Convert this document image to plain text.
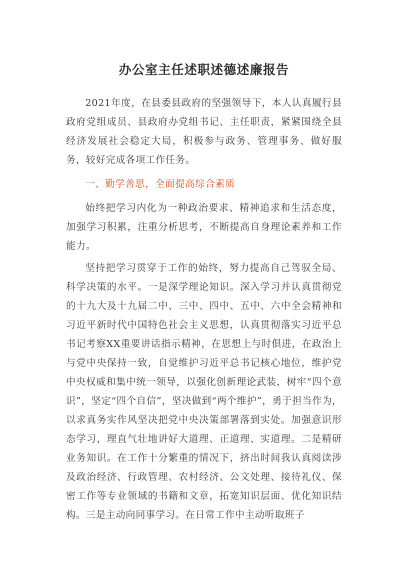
办公室主任述职述德述廉报告

2021年度，在县委县政府的坚强领导下，本人认真履行县政府党组成员、县政府办党组书记、主任职责，紧紧围绕全县经济发展社会稳定大局，积极参与政务、管理事务、做好服务，较好完成各项工作任务。

一、勤学善思，全面提高综合素质

始终把学习内化为一种政治要求、精神追求和生活态度，加强学习积累，注重分析思考，不断提高自身理论素养和工作能力。

坚持把学习贯穿于工作的始终，努力提高自己驾驭全局、科学决策的水平。一是深学理论知识。深入学习并认真贯彻党的十九大及十九届二中、三中、四中、五中、六中全会精神和习近平新时代中国特色社会主义思想，认真贯彻落实习近平总书记考察XX重要讲话指示精神，在思想上与时俱进，在政治上与党中央保持一致，自觉维护习近平总书记核心地位，维护党中央权威和集中统一领导，以强化创新理论武装，树牢“四个意识”，坚定“四个自信”，坚决做到“两个维护”，勇于担当作为，以求真务实作风坚决把党中央决策部署落到实处。加强意识形态学习，理直气壮地讲好大道理、正道理、实道理。二是精研业务知识。在工作十分繁重的情况下，挤出时间我认真阅读涉及政治经济、行政管理、农村经济、公文处理、接待礼仪、保密工作等专业领域的书籍和文章，拓宽知识层面、优化知识结构。三是主动向同事学习。在日常工作中主动听取班子
